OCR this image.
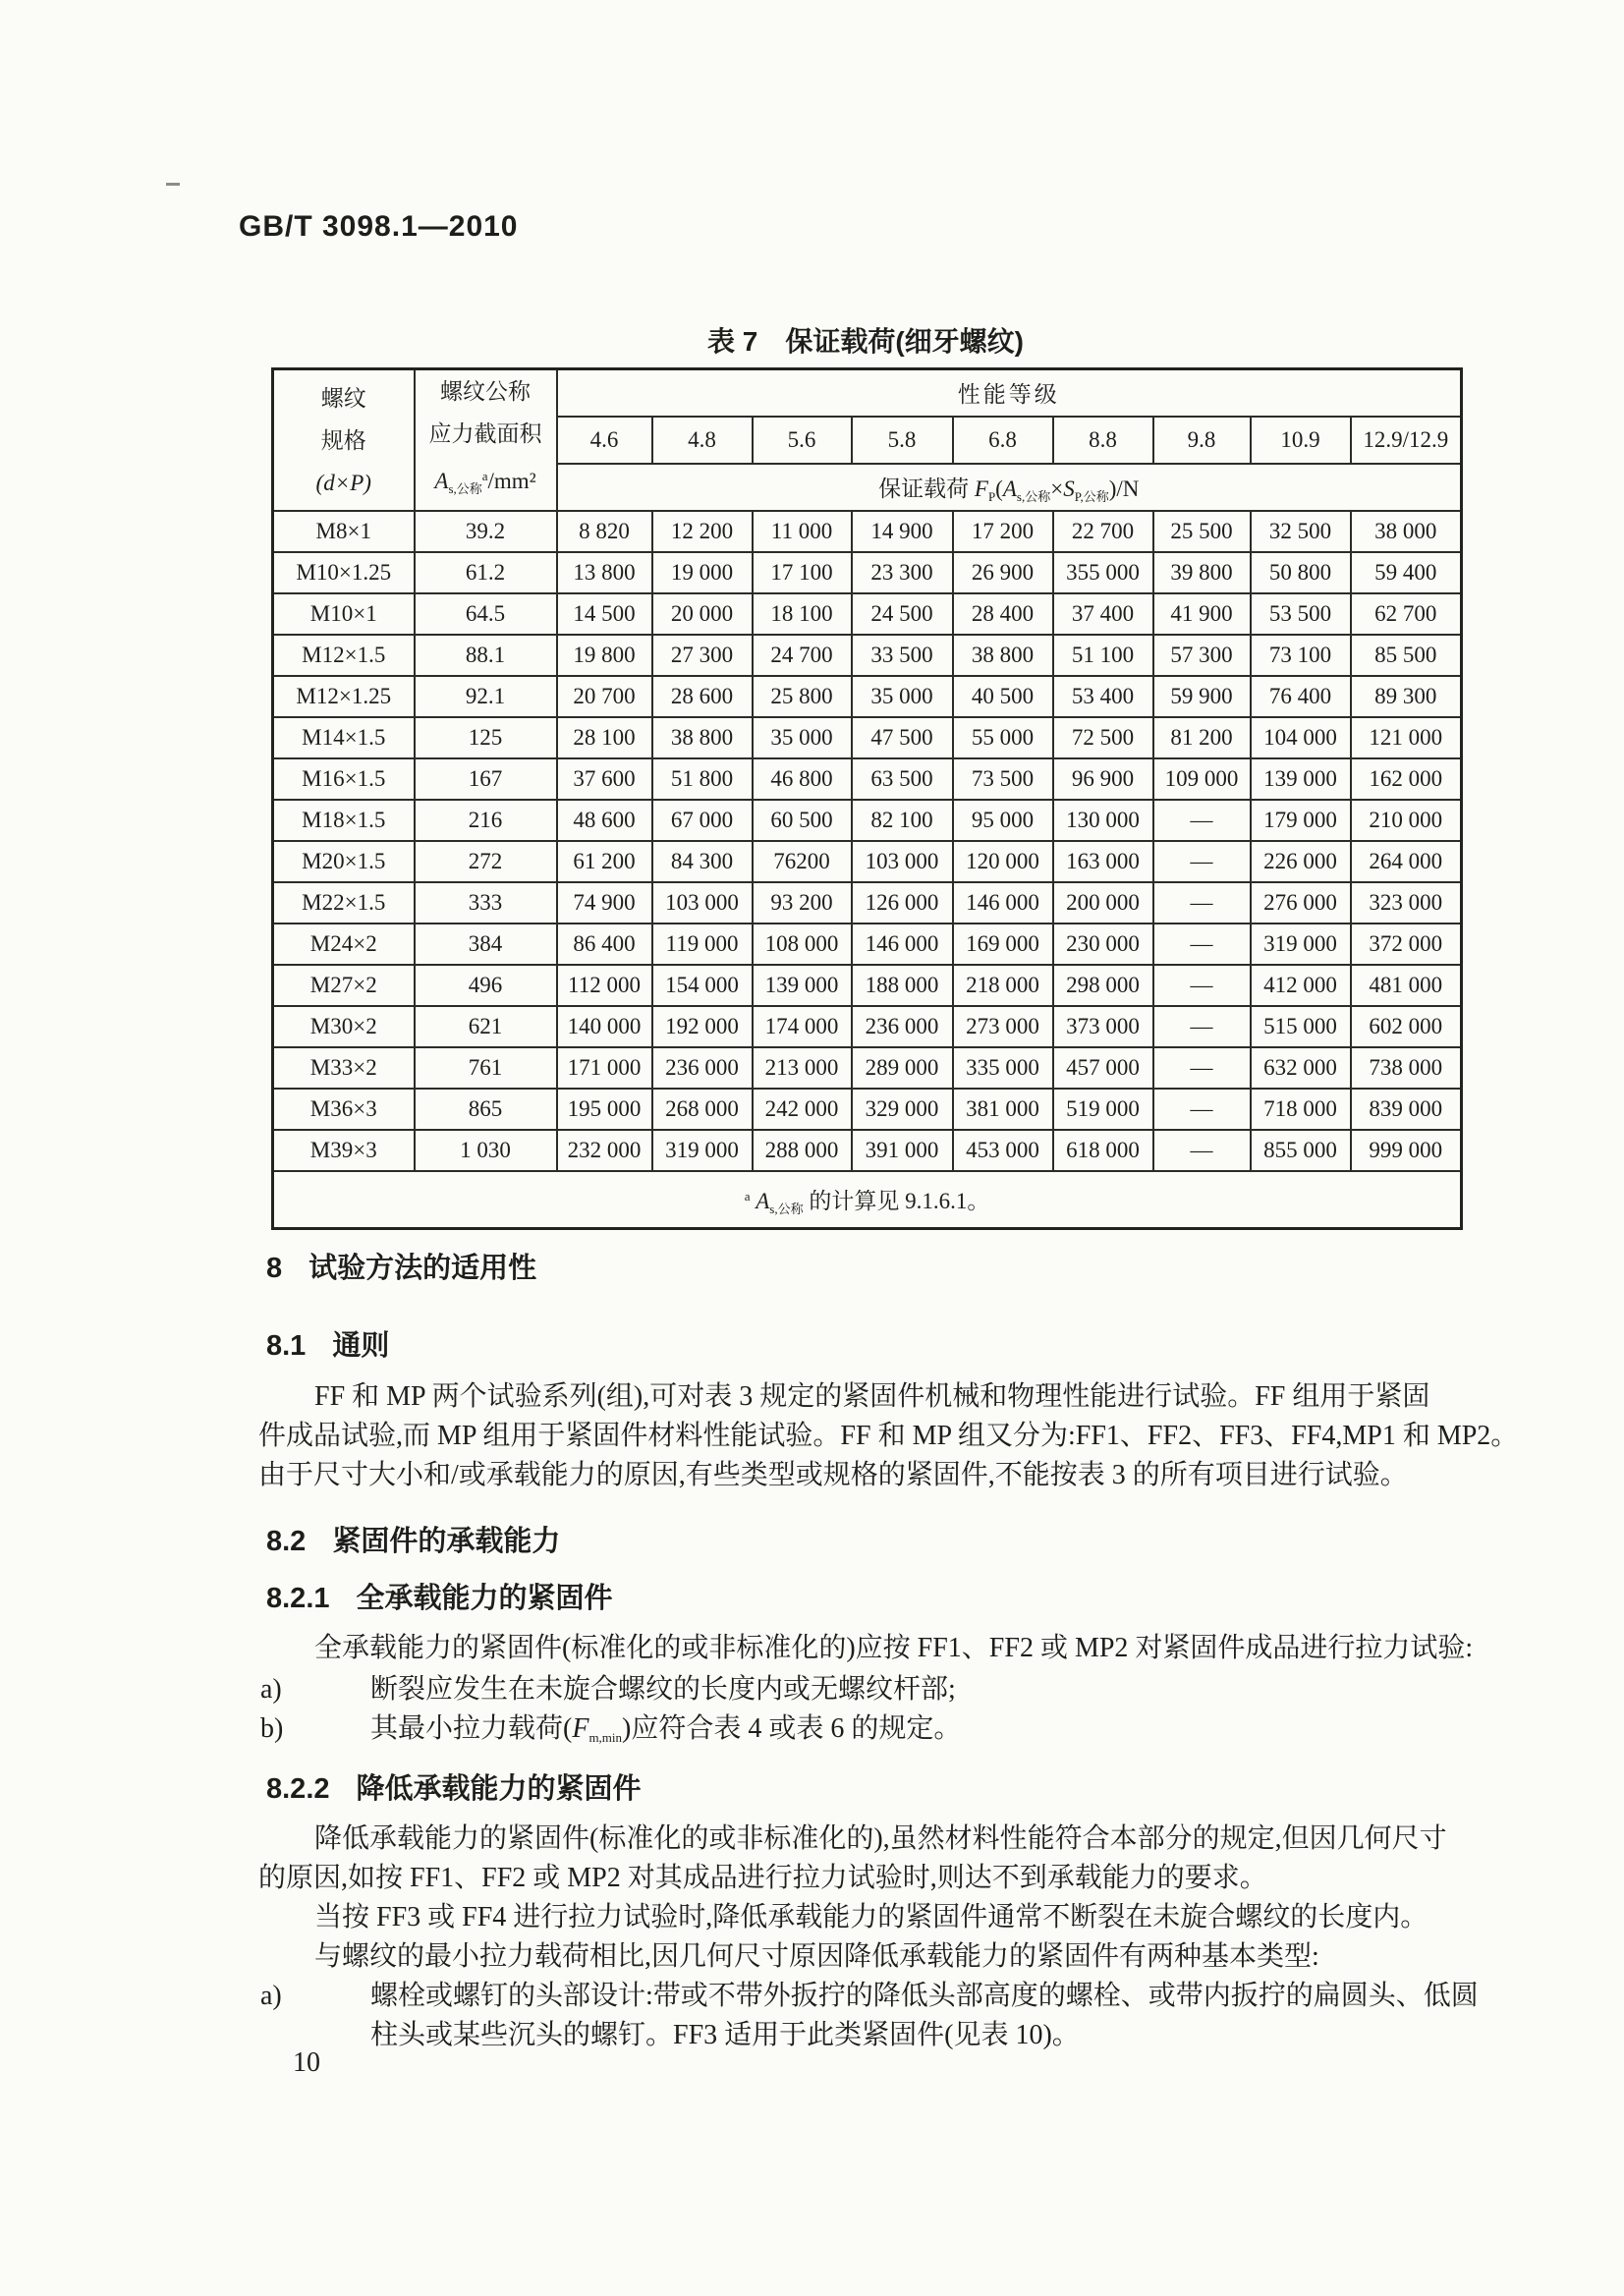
GB/T 3098.1—2010
表 7 保证载荷(细牙螺纹)
螺纹
规格
(d×P)

螺纹公称
应力截面积
$A_{s,公称}^a$/mm²
	性能等级
		4.6	4.8	5.6	5.8	6.8	8.8	9.8	10.9	12.9/12.9
		保证载荷 $F_P(A_{s,公称}\times S_{P,公称})/N$								
M8×1	39.2	8 820	12 200	11 000	14 900	17 200	22 700	25 500	32 500	38 000
M10×1.25	61.2	13 800	19 000	17 100	23 300	26 900	355 000	39 800	50 800	59 400
M10×1	64.5	14 500	20 000	18 100	24 500	28 400	37 400	41 900	53 500	62 700
M12×1.5	88.1	19 800	27 300	24 700	33 500	38 800	51 100	57 300	73 100	85 500
M12×1.25	92.1	20 700	28 600	25 800	35 000	40 500	53 400	59 900	76 400	89 300
M14×1.5	125	28 100	38 800	35 000	47 500	55 000	72 500	81 200	104 000	121 000
M16×1.5	167	37 600	51 800	46 800	63 500	73 500	96 900	109 000	139 000	162 000
M18×1.5	216	48 600	67 000	60 500	82 100	95 000	130 000	—	179 000	210 000
M20×1.5	272	61 200	84 300	76200	103 000	120 000	163 000	—	226 000	264 000
M22×1.5	333	74 900	103 000	93 200	126 000	146 000	200 000	—	276 000	323 000
M24×2	384	86 400	119 000	108 000	146 000	169 000	230 000	—	319 000	372 000
M27×2	496	112 000	154 000	139 000	188 000	218 000	298 000	—	412 000	481 000
M30×2	621	140 000	192 000	174 000	236 000	273 000	373 000	—	515 000	602 000
M33×2	761	171 000	236 000	213 000	289 000	335 000	457 000	—	632 000	738 000
M36×3	865	195 000	268 000	242 000	329 000	381 000	519 000	—	718 000	839 000
M39×3	1 030	232 000	319 000	288 000	391 000	453 000	618 000	—	855 000	999 000
$^a$ $A_{s,公称}$ 的计算见 9.1.6.1。										
8 试验方法的适用性
8.1 通则
FF 和 MP 两个试验系列(组),可对表 3 规定的紧固件机械和物理性能进行试验。FF 组用于紧固
件成品试验,而 MP 组用于紧固件材料性能试验。FF 和 MP 组又分为:FF1、FF2、FF3、FF4,MP1 和 MP2。
由于尺寸大小和/或承载能力的原因,有些类型或规格的紧固件,不能按表 3 的所有项目进行试验。
8.2 紧固件的承载能力
8.2.1 全承载能力的紧固件
全承载能力的紧固件(标准化的或非标准化的)应按 FF1、FF2 或 MP2 对紧固件成品进行拉力试验:
a)	断裂应发生在未旋合螺纹的长度内或无螺纹杆部;
b)	其最小拉力载荷$(F_{m,min})$应符合表 4 或表 6 的规定。
8.2.2 降低承载能力的紧固件
降低承载能力的紧固件(标准化的或非标准化的),虽然材料性能符合本部分的规定,但因几何尺寸
的原因,如按 FF1、FF2 或 MP2 对其成品进行拉力试验时,则达不到承载能力的要求。
当按 FF3 或 FF4 进行拉力试验时,降低承载能力的紧固件通常不断裂在未旋合螺纹的长度内。
与螺纹的最小拉力载荷相比,因几何尺寸原因降低承载能力的紧固件有两种基本类型:
a)	螺栓或螺钉的头部设计:带或不带外扳拧的降低头部高度的螺栓、或带内扳拧的扁圆头、低圆
柱头或某些沉头的螺钉。FF3 适用于此类紧固件(见表 10)。
10
